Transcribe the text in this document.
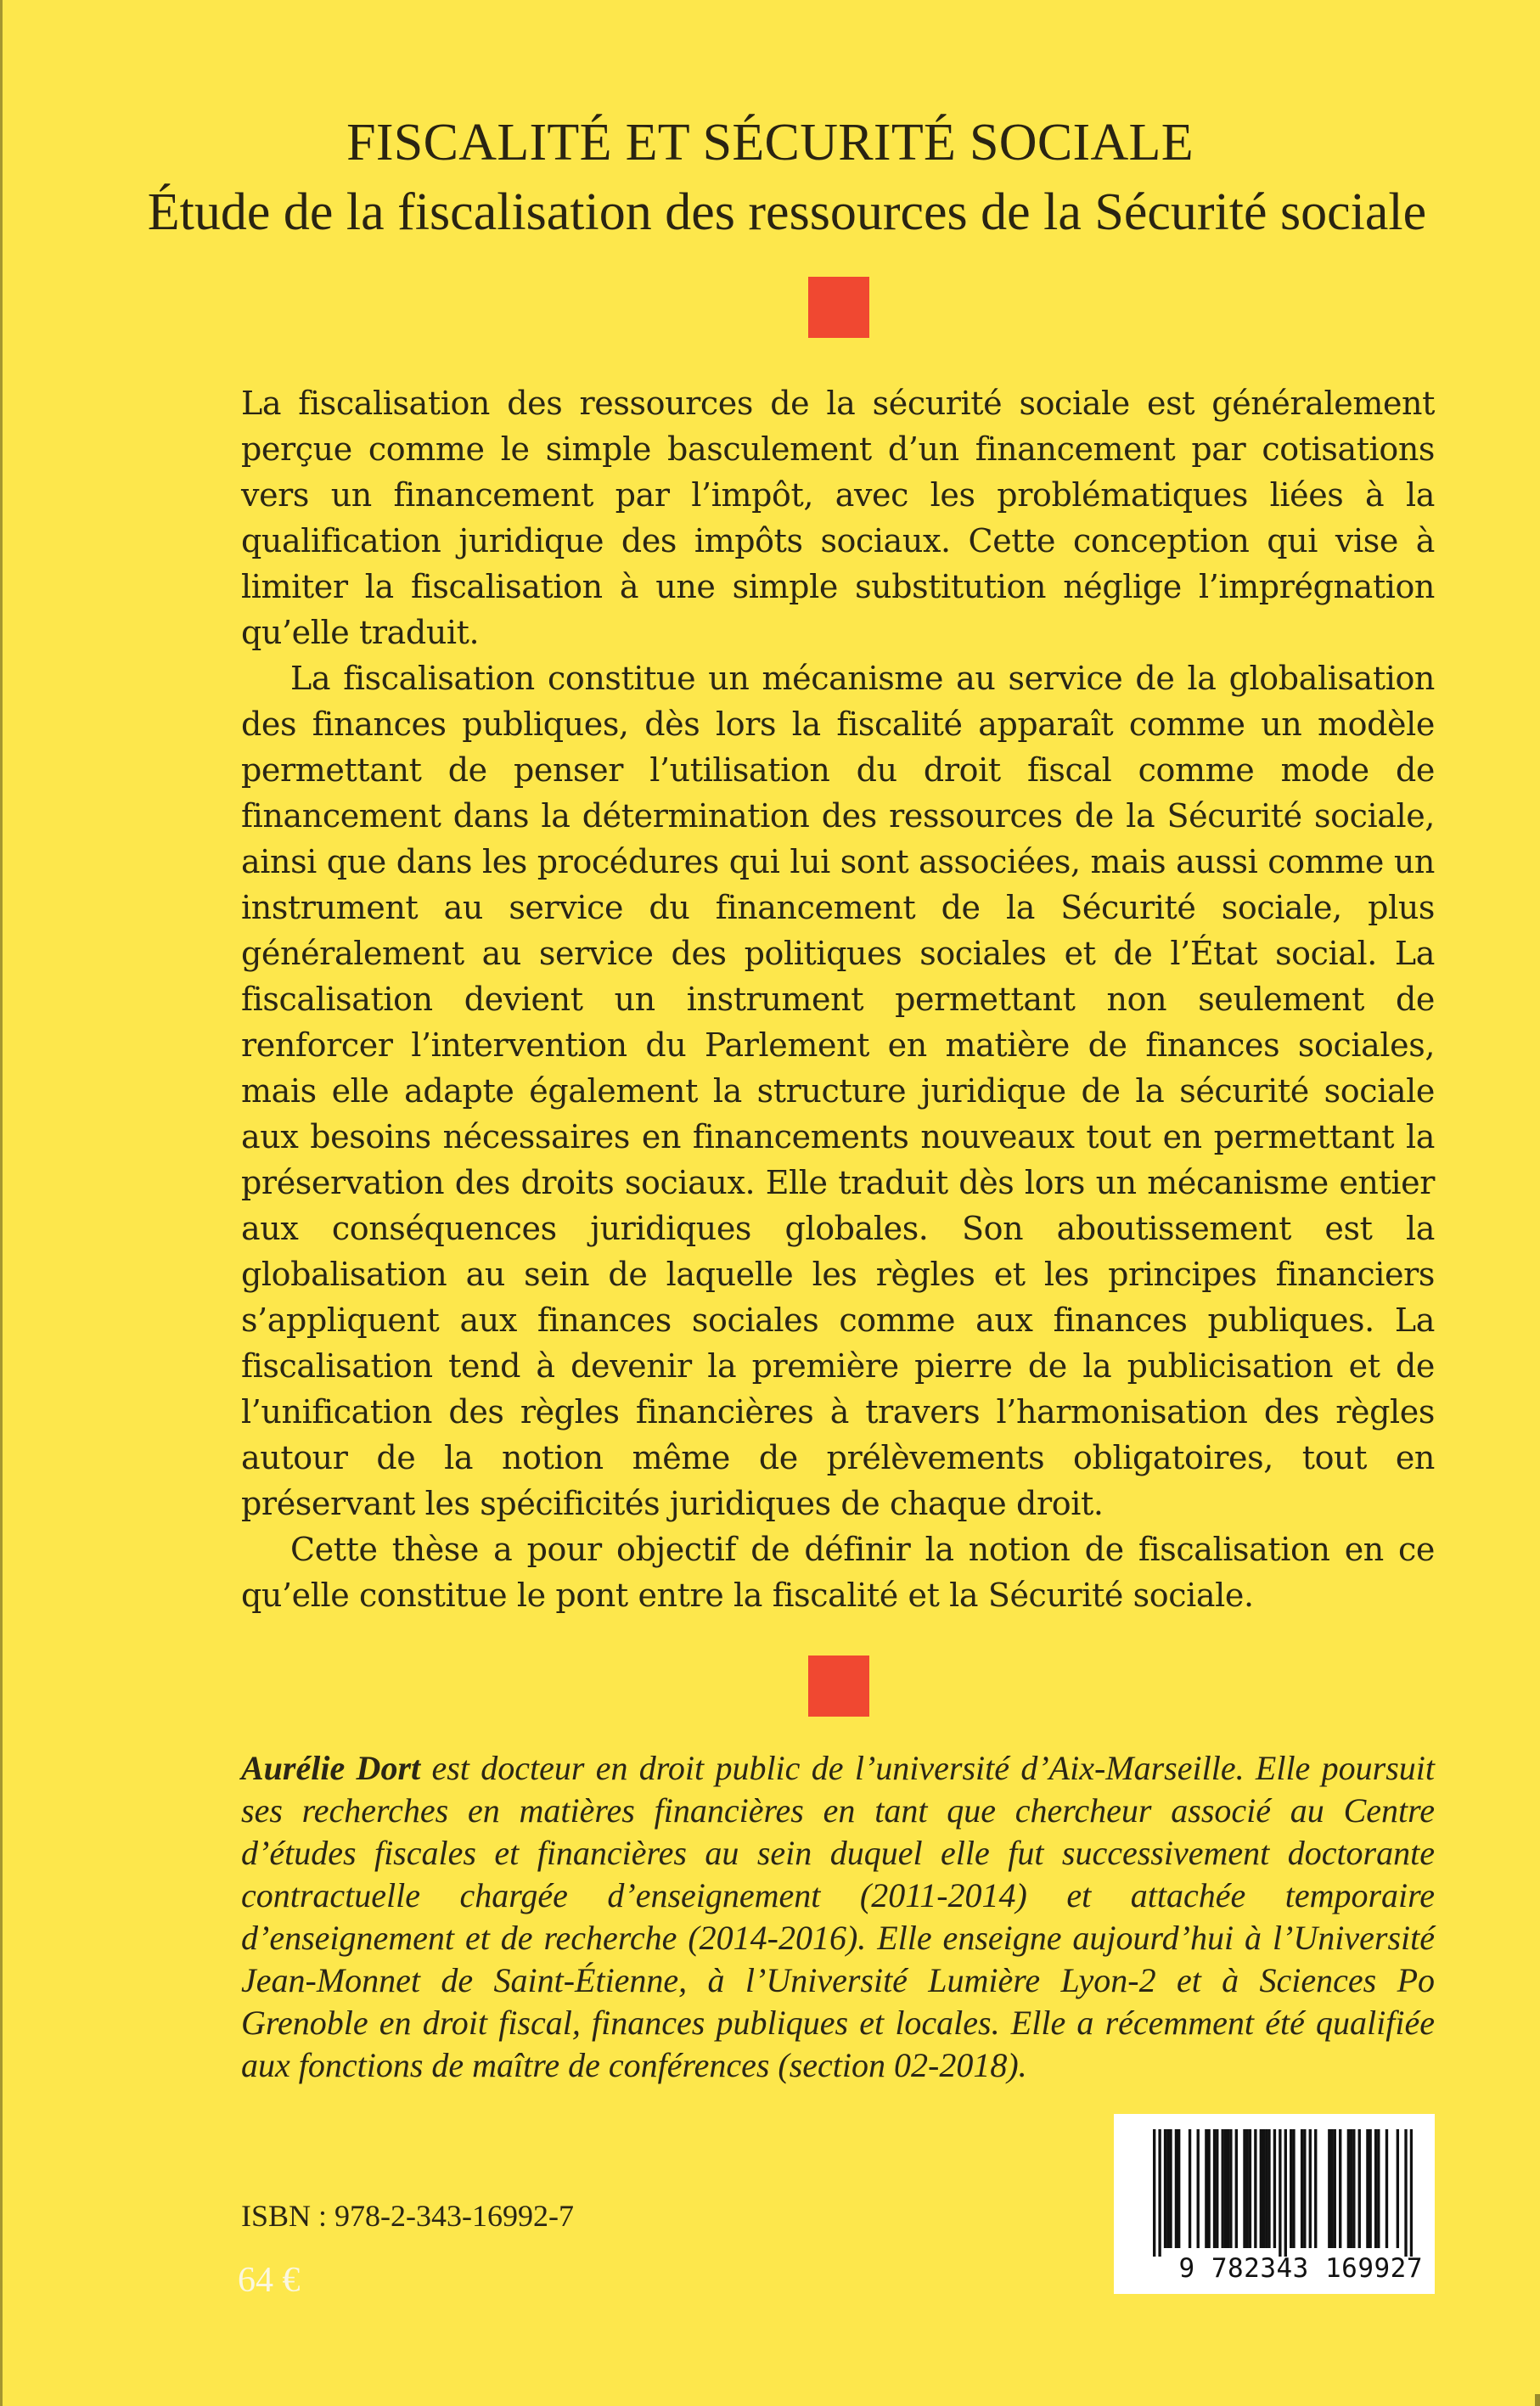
FISCALITÉ ET SÉCURITÉ SOCIALE
Étude de la fiscalisation des ressources de la Sécurité sociale

La fiscalisation des ressources de la sécurité sociale est généralement perçue comme le simple basculement d’un financement par cotisations vers un financement par l’impôt, avec les problématiques liées à la qualification juridique des impôts sociaux. Cette conception qui vise à limiter la fiscalisation à une simple substitution néglige l’imprégnation qu’elle traduit.

La fiscalisation constitue un mécanisme au service de la globalisation des finances publiques, dès lors la fiscalité apparaît comme un modèle permettant de penser l’utilisation du droit fiscal comme mode de financement dans la détermination des ressources de la Sécurité sociale, ainsi que dans les procédures qui lui sont associées, mais aussi comme un instrument au service du financement de la Sécurité sociale, plus généralement au service des politiques sociales et de l’État social. La fiscalisation devient un instrument permettant non seulement de renforcer l’intervention du Parlement en matière de finances sociales, mais elle adapte également la structure juridique de la sécurité sociale aux besoins nécessaires en financements nouveaux tout en permettant la préservation des droits sociaux. Elle traduit dès lors un mécanisme entier aux conséquences juridiques globales. Son aboutissement est la globalisation au sein de laquelle les règles et les principes financiers s’appliquent aux finances sociales comme aux finances publiques. La fiscalisation tend à devenir la première pierre de la publicisation et de l’unification des règles financières à travers l’harmonisation des règles autour de la notion même de prélèvements obligatoires, tout en préservant les spécificités juridiques de chaque droit.

Cette thèse a pour objectif de définir la notion de fiscalisation en ce qu’elle constitue le pont entre la fiscalité et la Sécurité sociale.

Aurélie Dort est docteur en droit public de l’université d’Aix-Marseille. Elle poursuit ses recherches en matières financières en tant que chercheur associé au Centre d’études fiscales et financières au sein duquel elle fut successivement doctorante contractuelle chargée d’enseignement (2011-2014) et attachée temporaire d’enseignement et de recherche (2014-2016). Elle enseigne aujourd’hui à l’Université Jean-Monnet de Saint-Étienne, à l’Université Lumière Lyon-2 et à Sciences Po Grenoble en droit fiscal, finances publiques et locales. Elle a récemment été qualifiée aux fonctions de maître de conférences (section 02-2018).

ISBN : 978-2-343-16992-7
64 €	9 782343 169927
